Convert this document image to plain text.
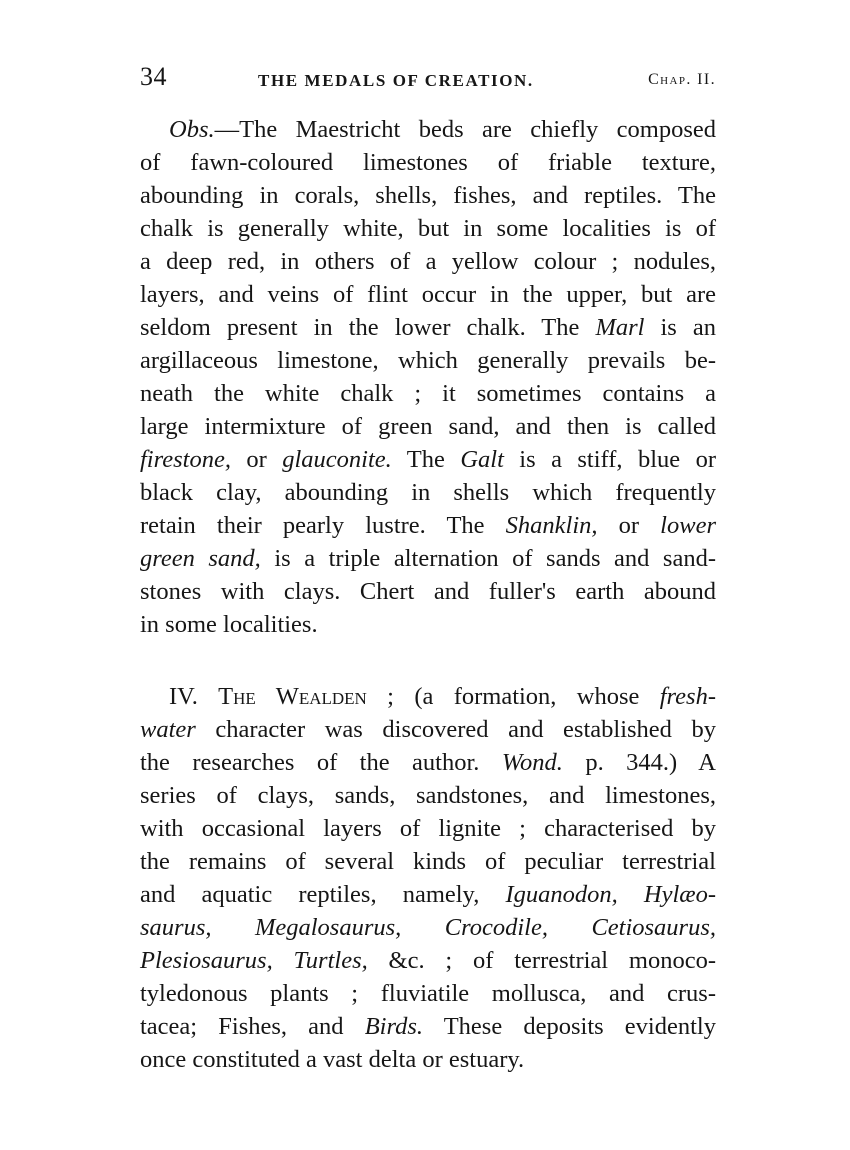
34	THE MEDALS OF CREATION.	Chap. II.
Obs.—The Maestricht beds are chiefly composed
of fawn-coloured limestones of friable texture,
abounding in corals, shells, fishes, and reptiles. The
chalk is generally white, but in some localities is of
a deep red, in others of a yellow colour ; nodules,
layers, and veins of flint occur in the upper, but are
seldom present in the lower chalk. The Marl is an
argillaceous limestone, which generally prevails be-
neath the white chalk ; it sometimes contains a
large intermixture of green sand, and then is called
firestone, or glauconite. The Galt is a stiff, blue or
black clay, abounding in shells which frequently
retain their pearly lustre. The Shanklin, or lower
green sand, is a triple alternation of sands and sand-
stones with clays. Chert and fuller's earth abound
in some localities.
IV. The Wealden ; (a formation, whose fresh-
water character was discovered and established by
the researches of the author. Wond. p. 344.) A
series of clays, sands, sandstones, and limestones,
with occasional layers of lignite ; characterised by
the remains of several kinds of peculiar terrestrial
and aquatic reptiles, namely, Iguanodon, Hylæo-
saurus, Megalosaurus, Crocodile, Cetiosaurus,
Plesiosaurus, Turtles, &c. ; of terrestrial monoco-
tyledonous plants ; fluviatile mollusca, and crus-
tacea; Fishes, and Birds. These deposits evidently
once constituted a vast delta or estuary.
